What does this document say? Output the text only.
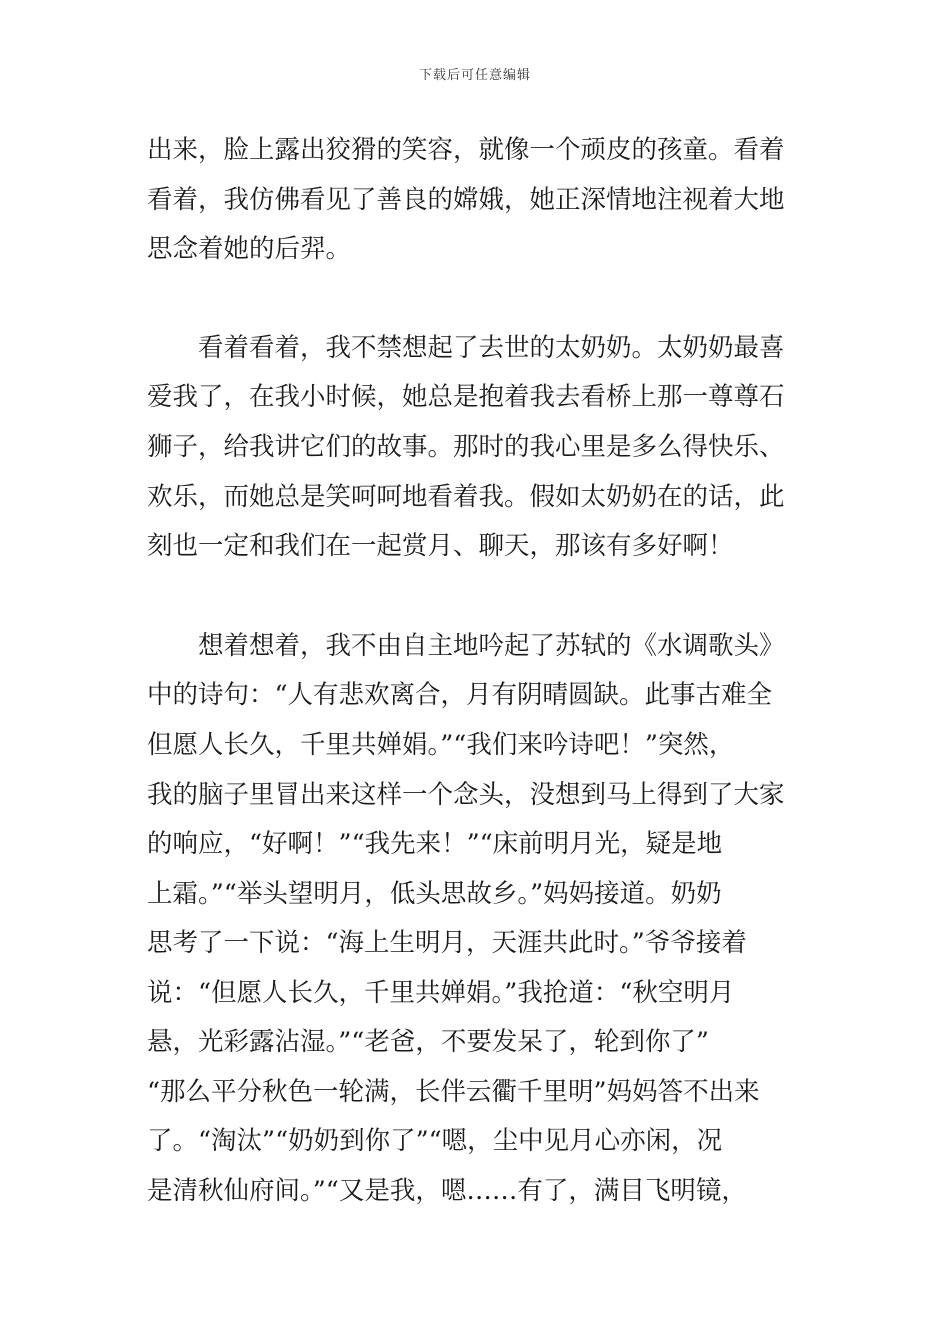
下载后可任意编辑
出来，脸上露出狡猾的笑容，就像一个顽皮的孩童。看着
看着，我仿佛看见了善良的嫦娥，她正深情地注视着大地
思念着她的后羿。
　　看着看着，我不禁想起了去世的太奶奶。太奶奶最喜
爱我了，在我小时候，她总是抱着我去看桥上那一尊尊石
狮子，给我讲它们的故事。那时的我心里是多么得快乐、
欢乐，而她总是笑呵呵地看着我。假如太奶奶在的话，此
刻也一定和我们在一起赏月、聊天，那该有多好啊！
　　想着想着，我不由自主地吟起了苏轼的《水调歌头》
中的诗句：“人有悲欢离合，月有阴晴圆缺。此事古难全
但愿人长久，千里共婵娟。”“我们来吟诗吧！”突然，
我的脑子里冒出来这样一个念头，没想到马上得到了大家
的响应，“好啊！”“我先来！”“床前明月光，疑是地
上霜。”“举头望明月，低头思故乡。”妈妈接道。奶奶
思考了一下说：“海上生明月，天涯共此时。”爷爷接着
说：“但愿人长久，千里共婵娟。”我抢道：“秋空明月
悬，光彩露沾湿。”“老爸，不要发呆了，轮到你了”
“那么平分秋色一轮满，长伴云衢千里明”妈妈答不出来
了。“淘汰”“奶奶到你了”“嗯，尘中见月心亦闲，况
是清秋仙府间。”“又是我，嗯……有了，满目飞明镜，
